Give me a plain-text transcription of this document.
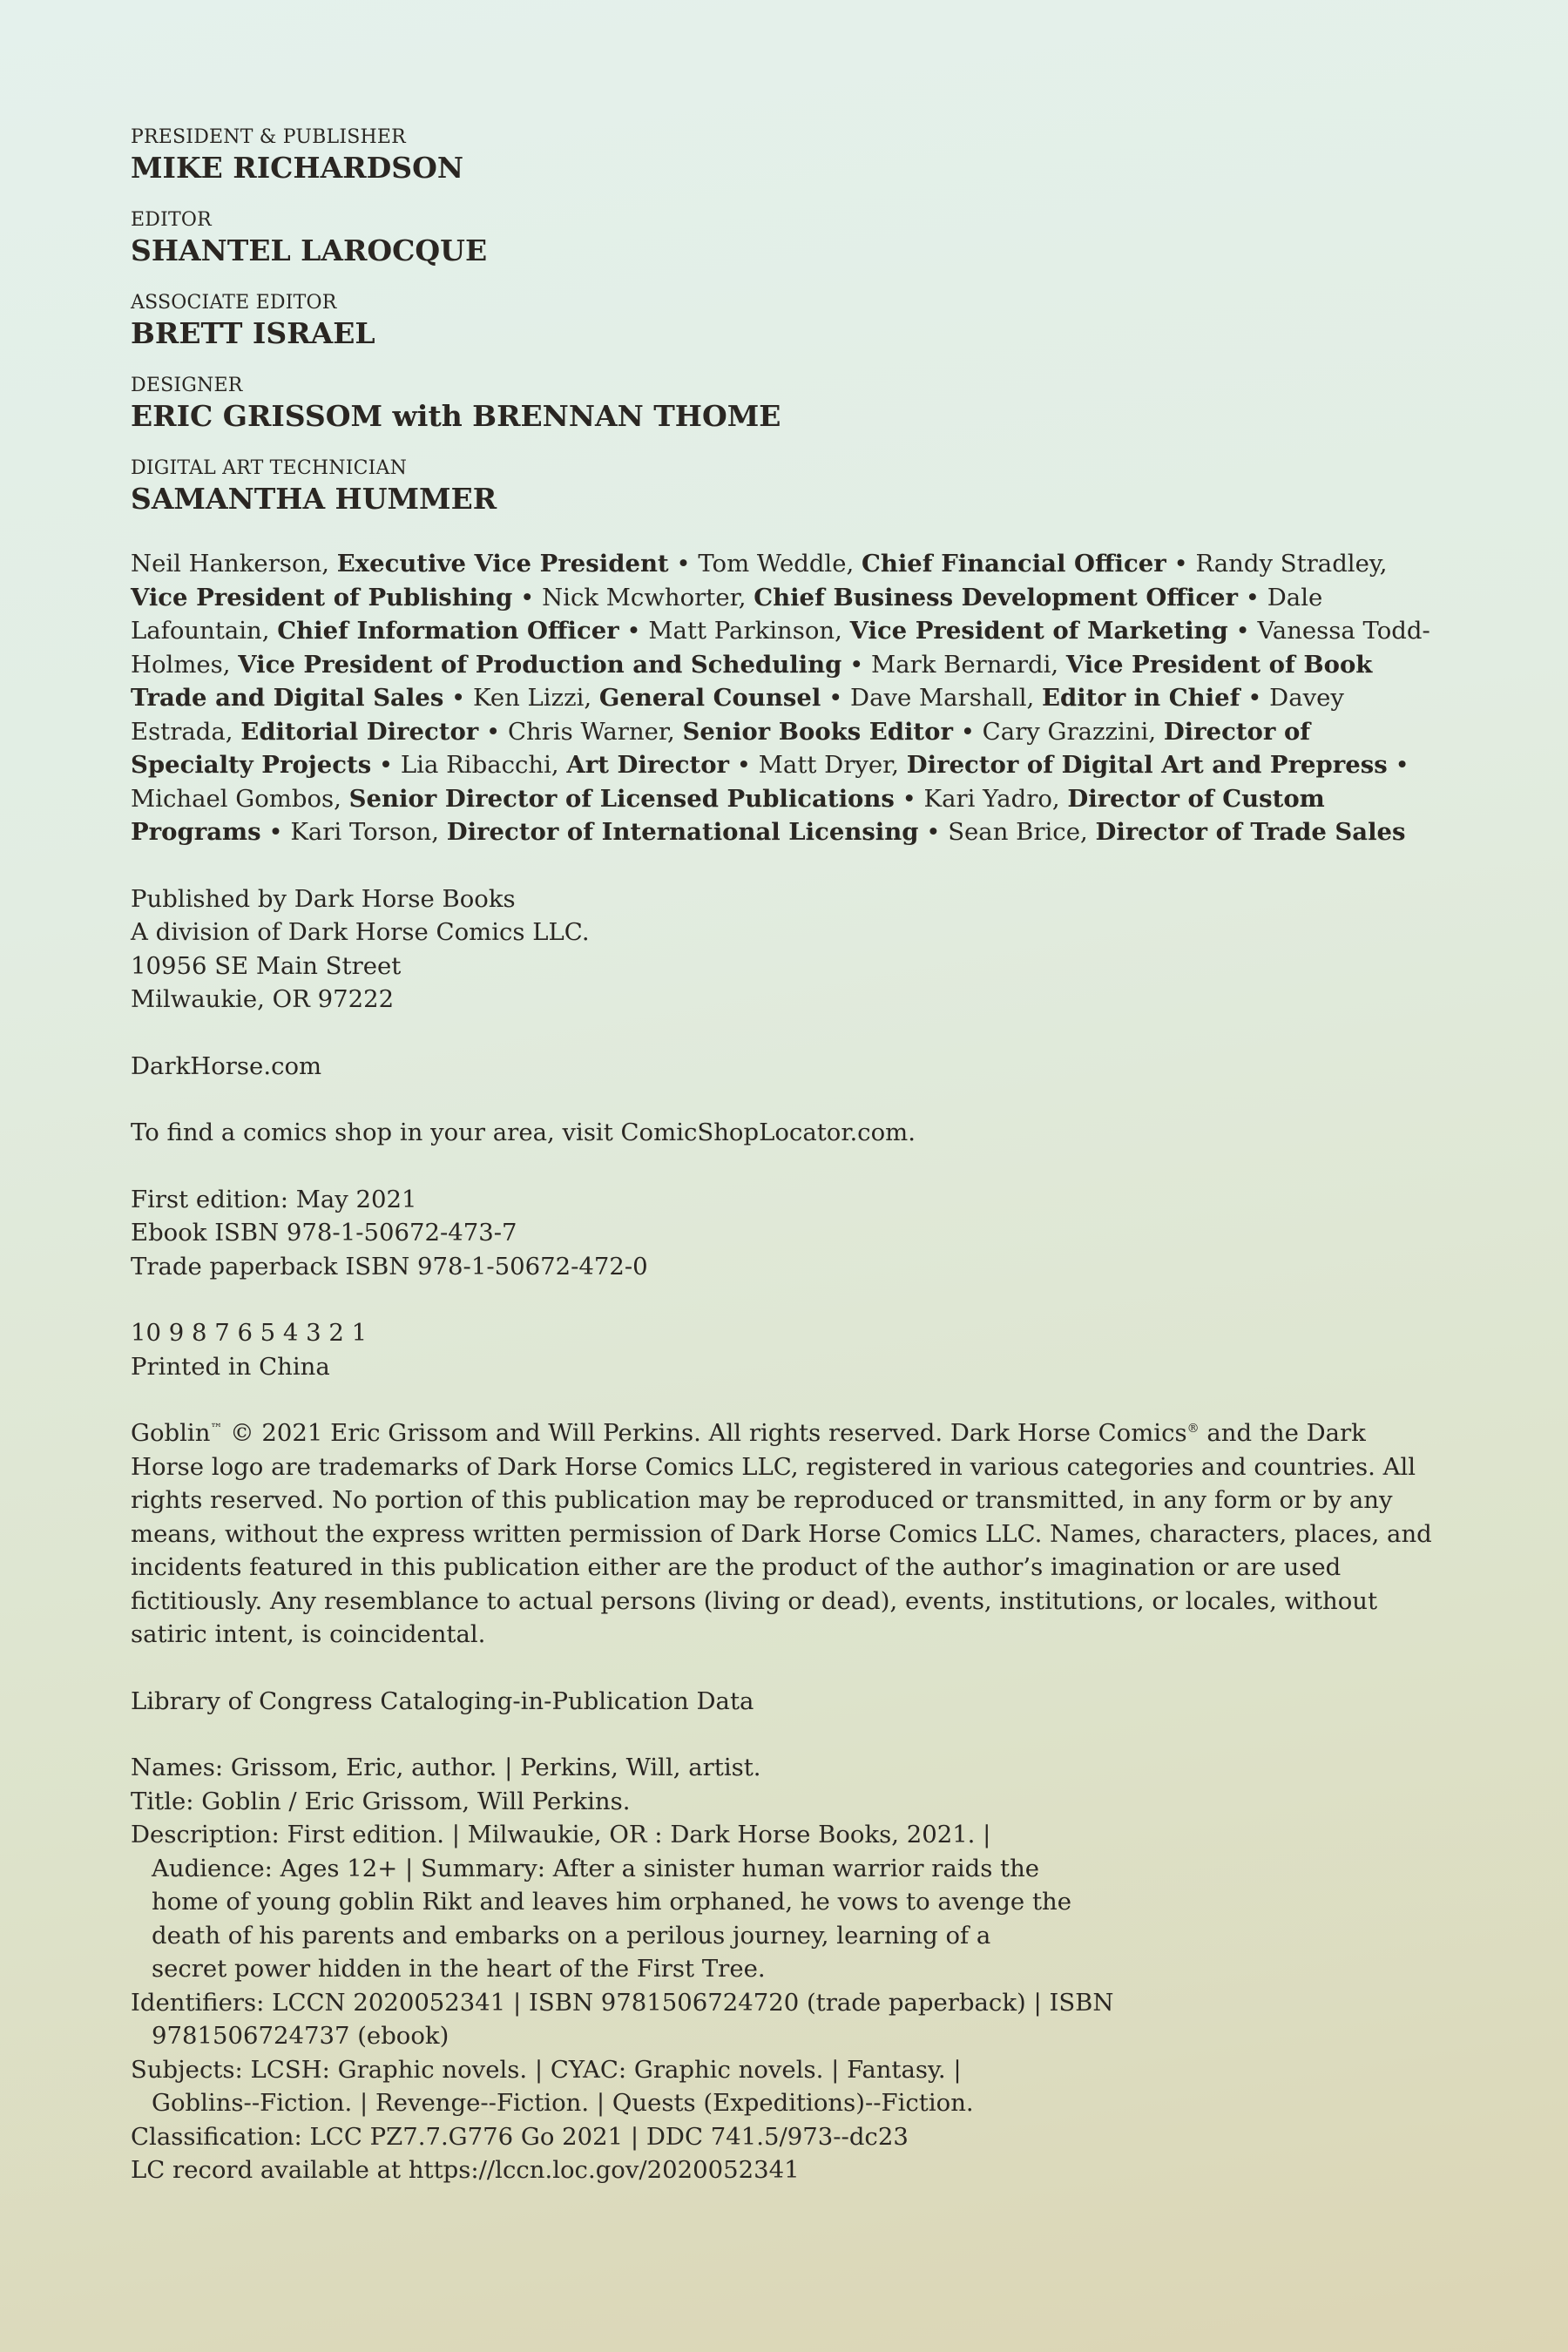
PRESIDENT & PUBLISHER
MIKE RICHARDSON
EDITOR
SHANTEL LAROCQUE
ASSOCIATE EDITOR
BRETT ISRAEL
DESIGNER
ERIC GRISSOM with BRENNAN THOME
DIGITAL ART TECHNICIAN
SAMANTHA HUMMER
Neil Hankerson, Executive Vice President • Tom Weddle, Chief Financial Officer • Randy Stradley, Vice President of Publishing • Nick Mcwhorter, Chief Business Development Officer • Dale Lafountain, Chief Information Officer • Matt Parkinson, Vice President of Marketing • Vanessa Todd-Holmes, Vice President of Production and Scheduling • Mark Bernardi, Vice President of Book Trade and Digital Sales • Ken Lizzi, General Counsel • Dave Marshall, Editor in Chief • Davey Estrada, Editorial Director • Chris Warner, Senior Books Editor • Cary Grazzini, Director of Specialty Projects • Lia Ribacchi, Art Director • Matt Dryer, Director of Digital Art and Prepress • Michael Gombos, Senior Director of Licensed Publications • Kari Yadro, Director of Custom Programs • Kari Torson, Director of International Licensing • Sean Brice, Director of Trade Sales
Published by Dark Horse Books
A division of Dark Horse Comics LLC.
10956 SE Main Street
Milwaukie, OR 97222
DarkHorse.com
To find a comics shop in your area, visit ComicShopLocator.com.
First edition: May 2021
Ebook ISBN 978-1-50672-473-7
Trade paperback ISBN 978-1-50672-472-0
10 9 8 7 6 5 4 3 2 1
Printed in China
Goblin™ © 2021 Eric Grissom and Will Perkins. All rights reserved. Dark Horse Comics® and the Dark Horse logo are trademarks of Dark Horse Comics LLC, registered in various categories and countries. All rights reserved. No portion of this publication may be reproduced or transmitted, in any form or by any means, without the express written permission of Dark Horse Comics LLC. Names, characters, places, and incidents featured in this publication either are the product of the author’s imagination or are used fictitiously. Any resemblance to actual persons (living or dead), events, institutions, or locales, without satiric intent, is coincidental.
Library of Congress Cataloging-in-Publication Data
Names: Grissom, Eric, author. | Perkins, Will, artist.
Title: Goblin / Eric Grissom, Will Perkins.
Description: First edition. | Milwaukie, OR : Dark Horse Books, 2021. |
Audience: Ages 12+ | Summary: After a sinister human warrior raids the
home of young goblin Rikt and leaves him orphaned, he vows to avenge the
death of his parents and embarks on a perilous journey, learning of a
secret power hidden in the heart of the First Tree.
Identifiers: LCCN 2020052341 | ISBN 9781506724720 (trade paperback) | ISBN
9781506724737 (ebook)
Subjects: LCSH: Graphic novels. | CYAC: Graphic novels. | Fantasy. |
Goblins--Fiction. | Revenge--Fiction. | Quests (Expeditions)--Fiction.
Classification: LCC PZ7.7.G776 Go 2021 | DDC 741.5/973--dc23
LC record available at https://lccn.loc.gov/2020052341
